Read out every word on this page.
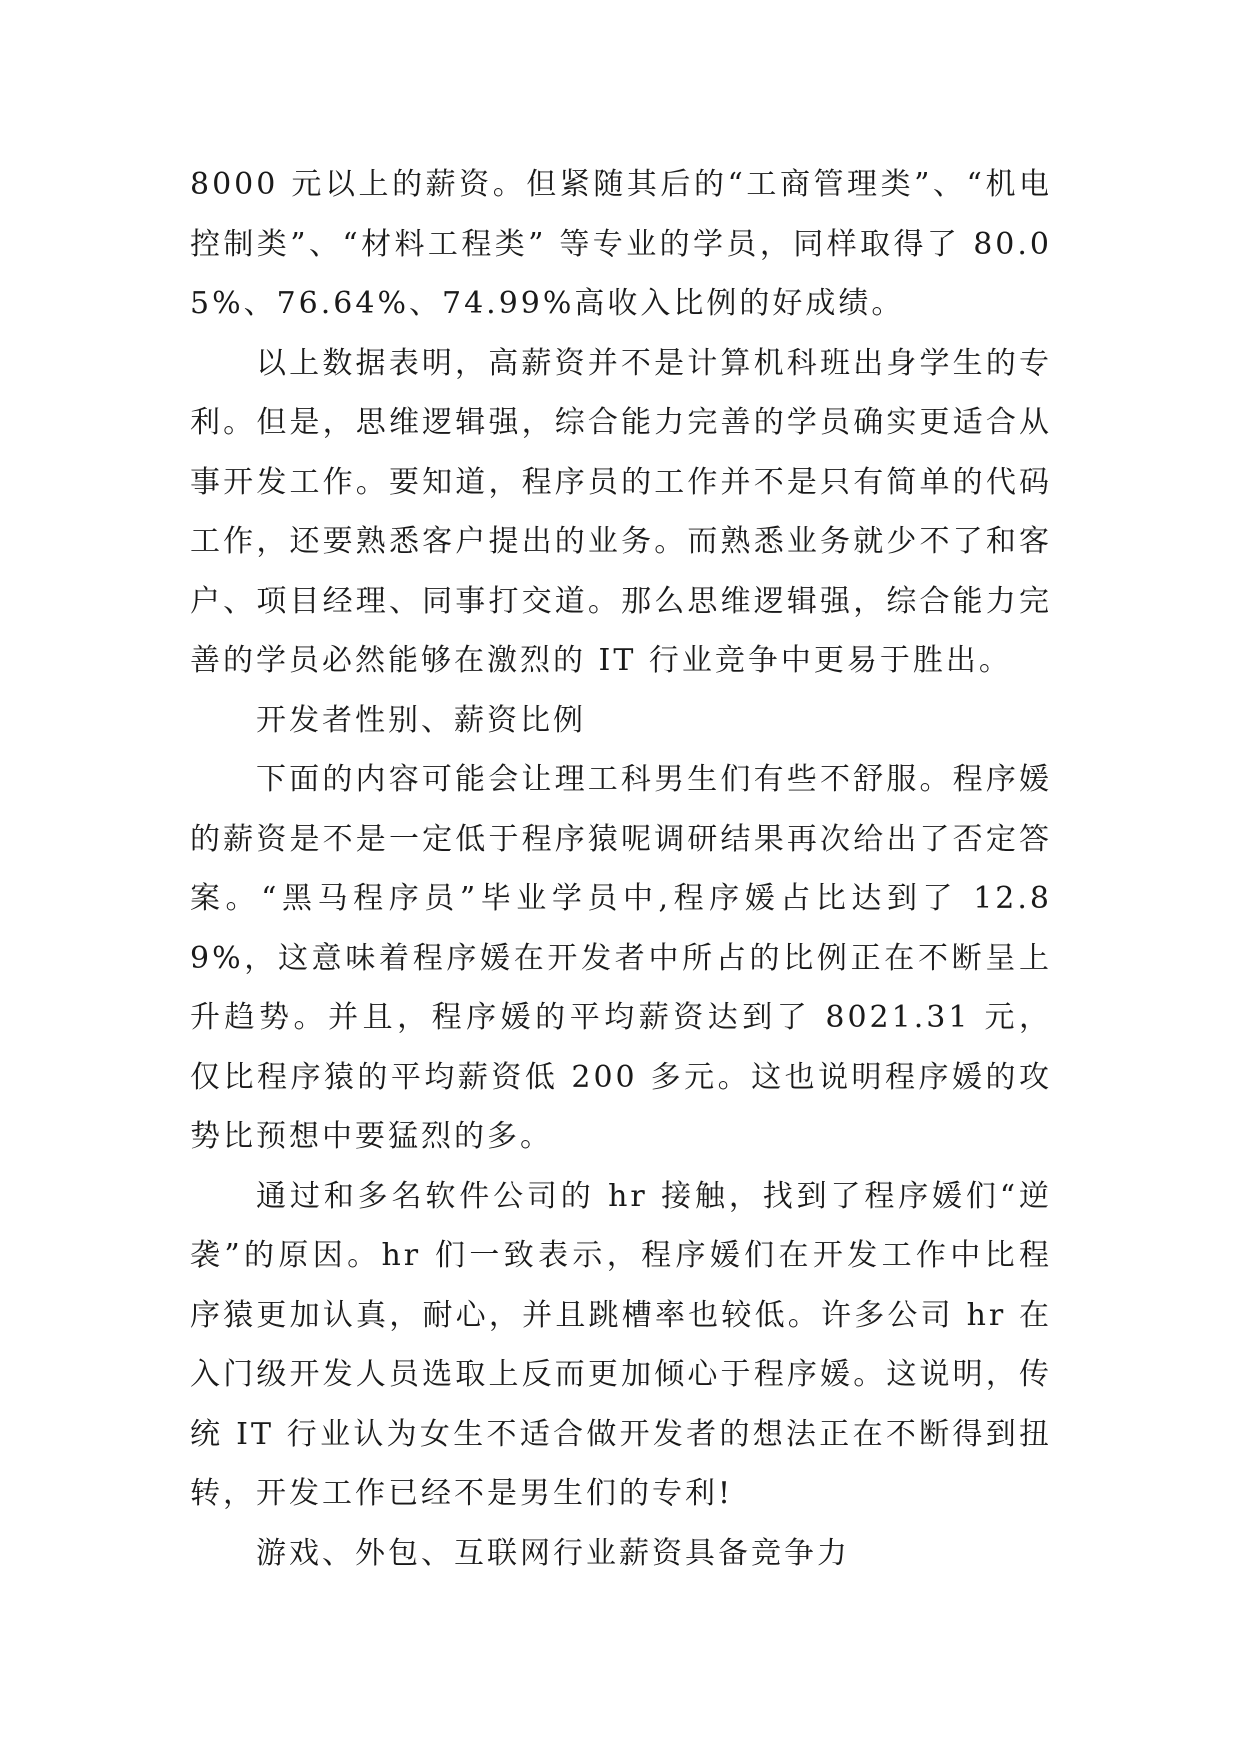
8000 元以上的薪资。但紧随其后的“工商管理类”、“机电控制类”、“材料工程类” 等专业的学员，同样取得了 80.05%、76.64%、74.99%高收入比例的好成绩。

以上数据表明，高薪资并不是计算机科班出身学生的专利。但是，思维逻辑强，综合能力完善的学员确实更适合从事开发工作。要知道，程序员的工作并不是只有简单的代码工作，还要熟悉客户提出的业务。而熟悉业务就少不了和客户、项目经理、同事打交道。那么思维逻辑强，综合能力完善的学员必然能够在激烈的 IT 行业竞争中更易于胜出。

开发者性别、薪资比例

下面的内容可能会让理工科男生们有些不舒服。程序媛的薪资是不是一定低于程序猿呢调研结果再次给出了否定答案。“黑马程序员”毕业学员中,程序媛占比达到了 12.89%，这意味着程序媛在开发者中所占的比例正在不断呈上升趋势。并且，程序媛的平均薪资达到了 8021.31 元，仅比程序猿的平均薪资低 200 多元。这也说明程序媛的攻势比预想中要猛烈的多。

通过和多名软件公司的 hr 接触，找到了程序媛们“逆袭”的原因。hr 们一致表示，程序媛们在开发工作中比程序猿更加认真，耐心，并且跳槽率也较低。许多公司 hr 在入门级开发人员选取上反而更加倾心于程序媛。这说明，传统 IT 行业认为女生不适合做开发者的想法正在不断得到扭转，开发工作已经不是男生们的专利!

游戏、外包、互联网行业薪资具备竞争力
